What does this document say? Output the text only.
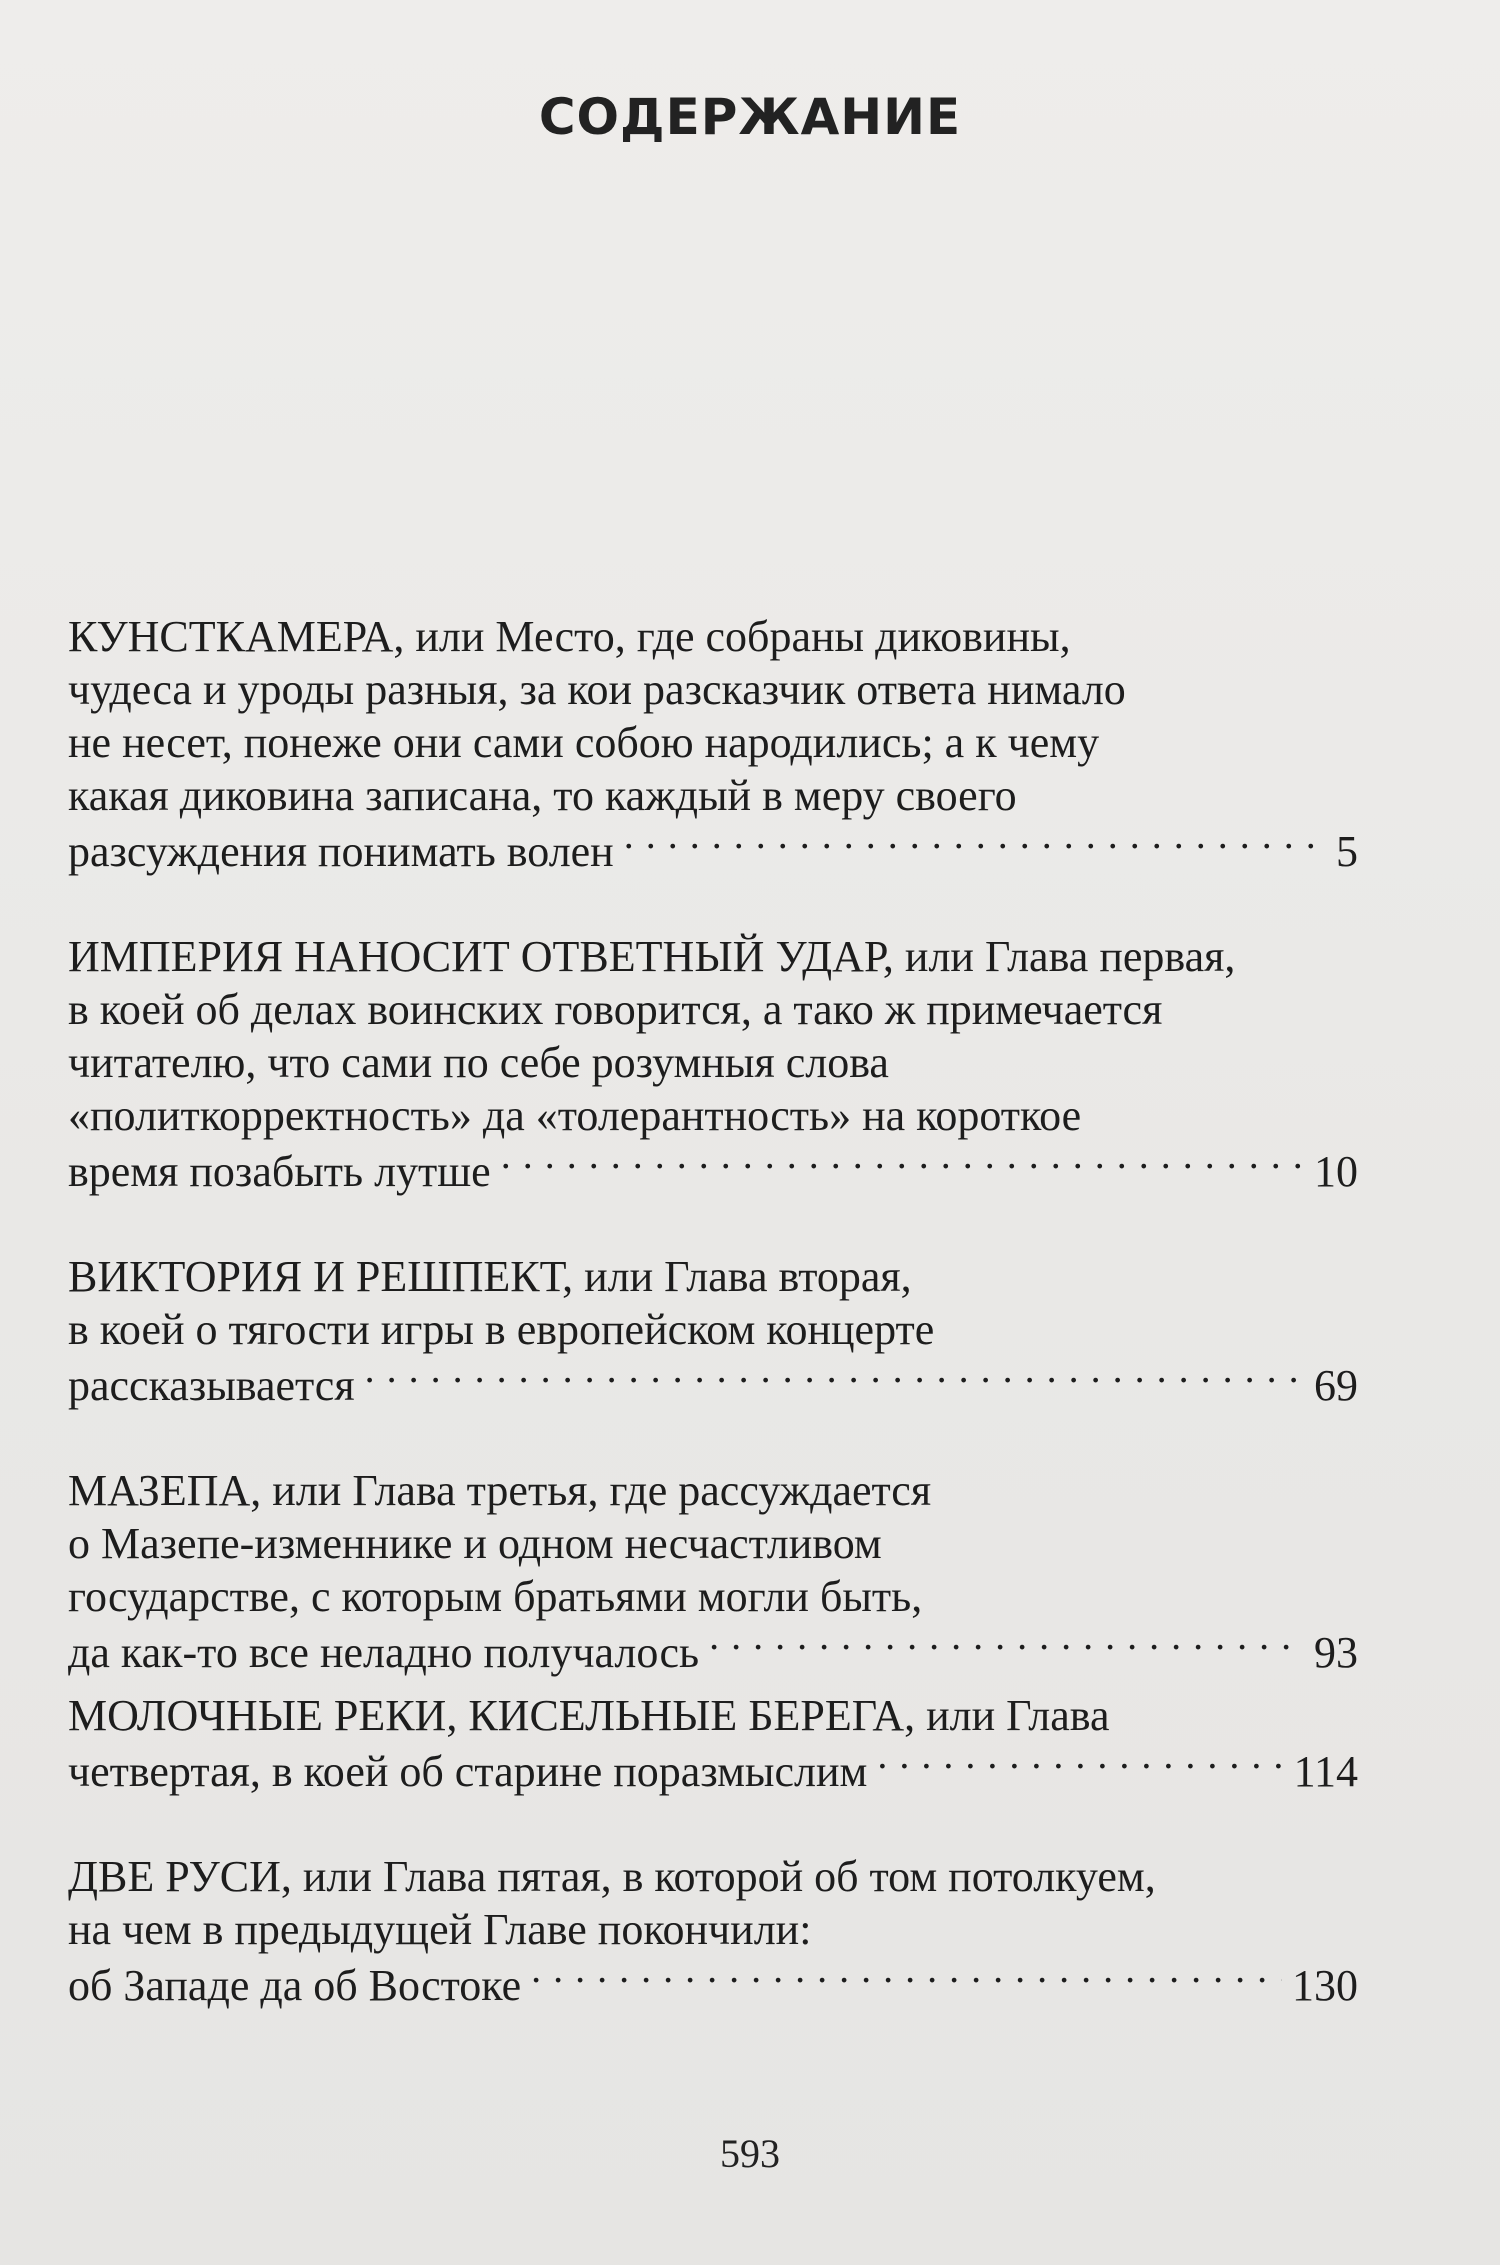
СОДЕРЖАНИЕ
КУНСТКАМЕРА, или Место, где собраны диковины,
чудеса и уроды разныя, за кои разсказчик ответа нимало
не несет, понеже они сами собою народились; а к чему
какая диковина записана, то каждый в меру своего
разсуждения понимать волен . . .	5
ИМПЕРИЯ НАНОСИТ ОТВЕТНЫЙ УДАР, или Глава первая,
в коей об делах воинских говорится, а тако ж примечается
читателю, что сами по себе розумныя слова
«политкорректность» да «толерантность» на короткое
время позабыть лутше . . .	10
ВИКТОРИЯ И РЕШПЕКТ, или Глава вторая,
в коей о тягости игры в европейском концерте
рассказывается . . .	69
МАЗЕПА, или Глава третья, где рассуждается
о Мазепе-изменнике и одном несчастливом
государстве, с которым братьями могли быть,
да как-то все неладно получалось . . .	93
МОЛОЧНЫЕ РЕКИ, КИСЕЛЬНЫЕ БЕРЕГА, или Глава
четвертая, в коей об старине поразмыслим . . .	114
ДВЕ РУСИ, или Глава пятая, в которой об том потолкуем,
на чем в предыдущей Главе покончили:
об Западе да об Востоке . . .	130

593
